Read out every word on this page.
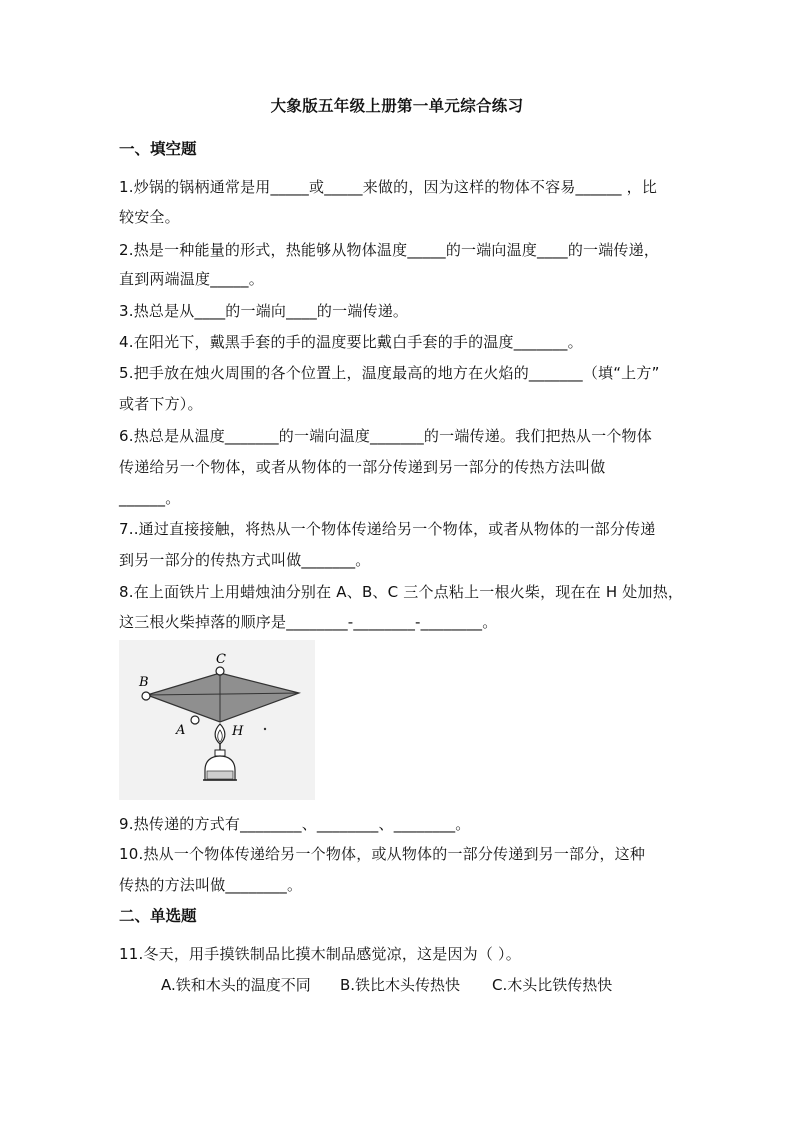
大象版五年级上册第一单元综合练习
一、填空题
1.炒锅的锅柄通常是用_____或_____来做的，因为这样的物体不容易______ ，比
较安全。
2.热是一种能量的形式，热能够从物体温度_____的一端向温度____的一端传递，
直到两端温度_____。
3.热总是从____的一端向____的一端传递。
4.在阳光下，戴黑手套的手的温度要比戴白手套的手的温度_______。
5.把手放在烛火周围的各个位置上，温度最高的地方在火焰的_______（填“上方”
或者下方）。
6.热总是从温度_______的一端向温度_______的一端传递。我们把热从一个物体
传递给另一个物体，或者从物体的一部分传递到另一部分的传热方法叫做
______。
7..通过直接接触，将热从一个物体传递给另一个物体，或者从物体的一部分传递
到另一部分的传热方式叫做_______。
8.在上面铁片上用蜡烛油分别在 A、B、C 三个点粘上一根火柴，现在在 H 处加热，
这三根火柴掉落的顺序是________-________-________。
C
B
A	H
9.热传递的方式有________、________、________。
10.热从一个物体传递给另一个物体，或从物体的一部分传递到另一部分，这种
传热的方法叫做________。
二、单选题
11.冬天，用手摸铁制品比摸木制品感觉凉，这是因为（ ）。
A.铁和木头的温度不同 B.铁比木头传热快 C.木头比铁传热快
